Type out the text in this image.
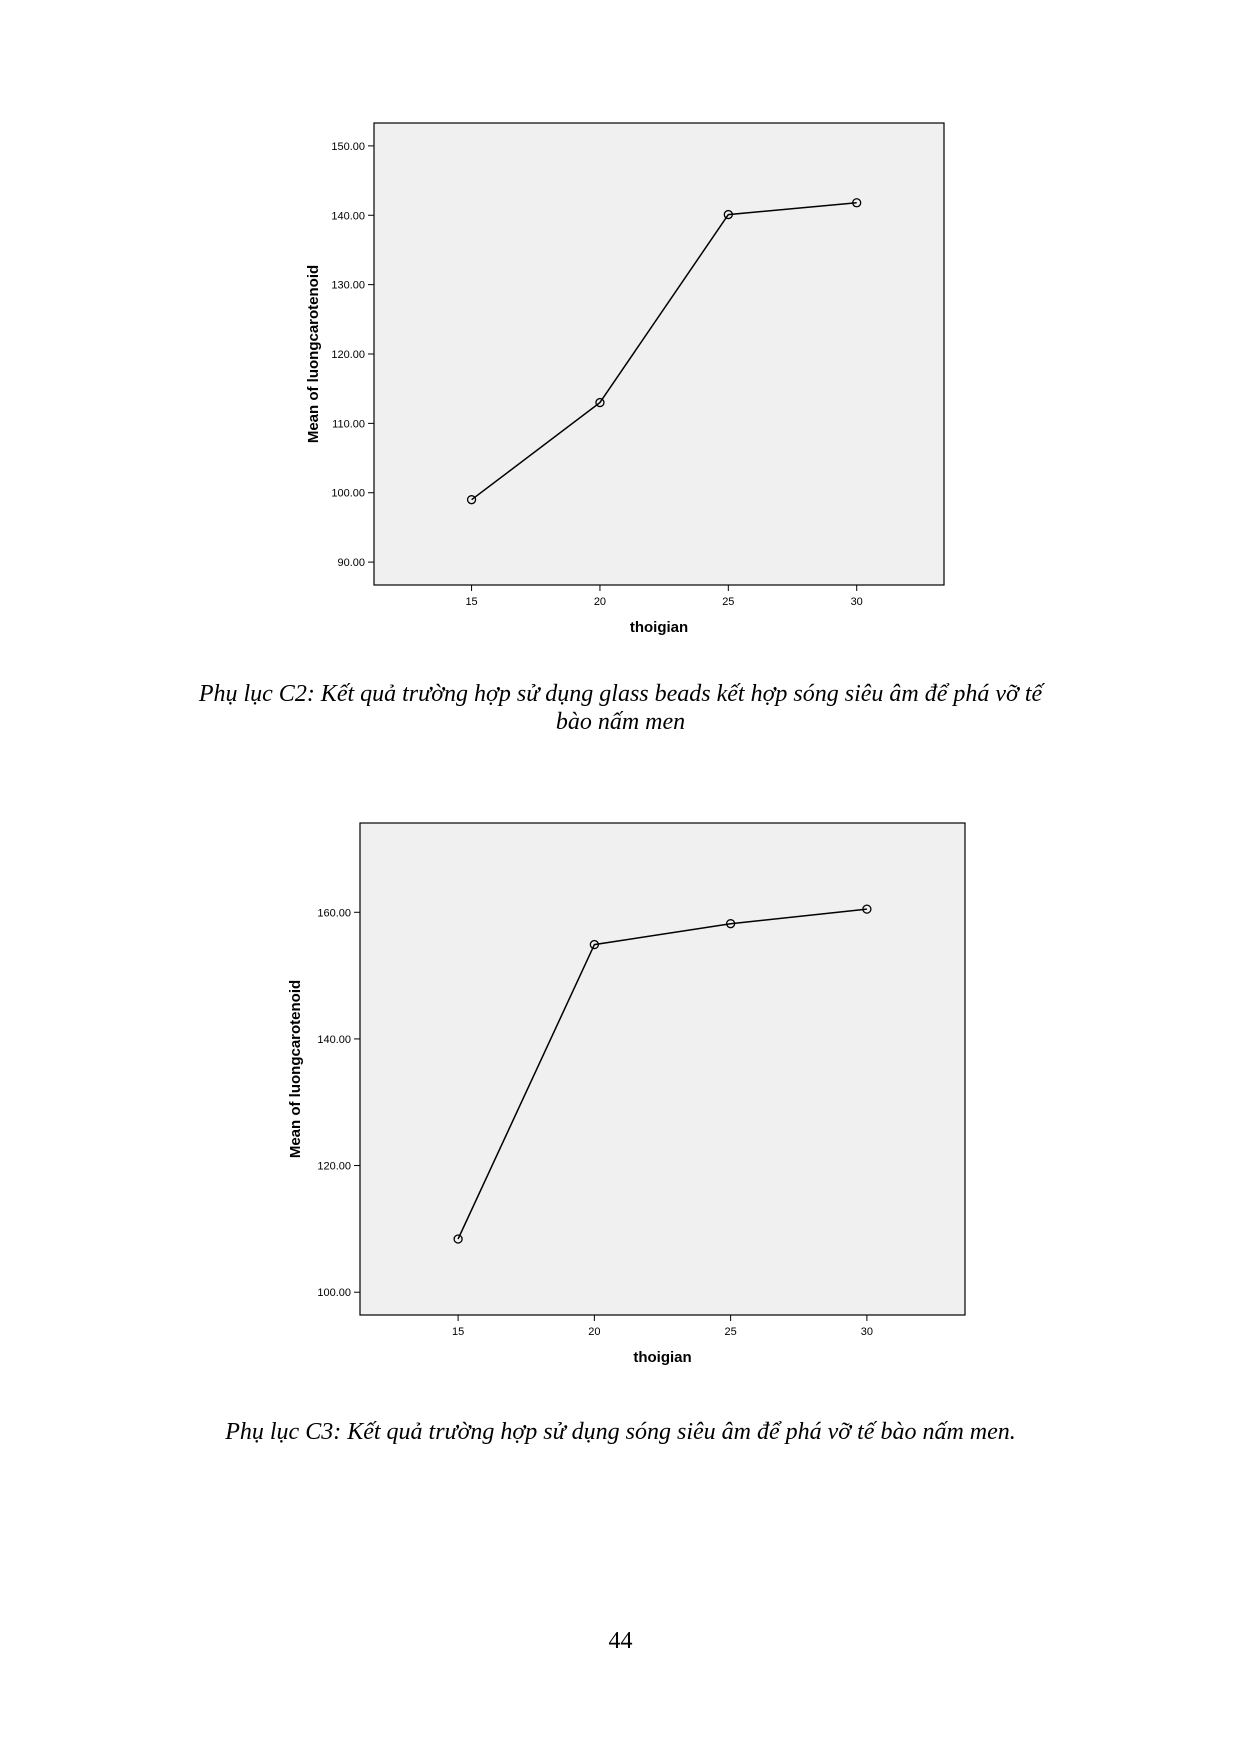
90.00
100.00
110.00
120.00
130.00
140.00
150.00
15	20	25	30
thoigian
Mean of luongcarotenoid
Phụ lục C2: Kết quả trường hợp sử dụng glass beads kết hợp sóng siêu âm để phá vỡ tế
bào nấm men
100.00
120.00
140.00
160.00
15	20	25	30
thoigian
Mean of luongcarotenoid
Phụ lục C3: Kết quả trường hợp sử dụng sóng siêu âm để phá vỡ tế bào nấm men.
44
